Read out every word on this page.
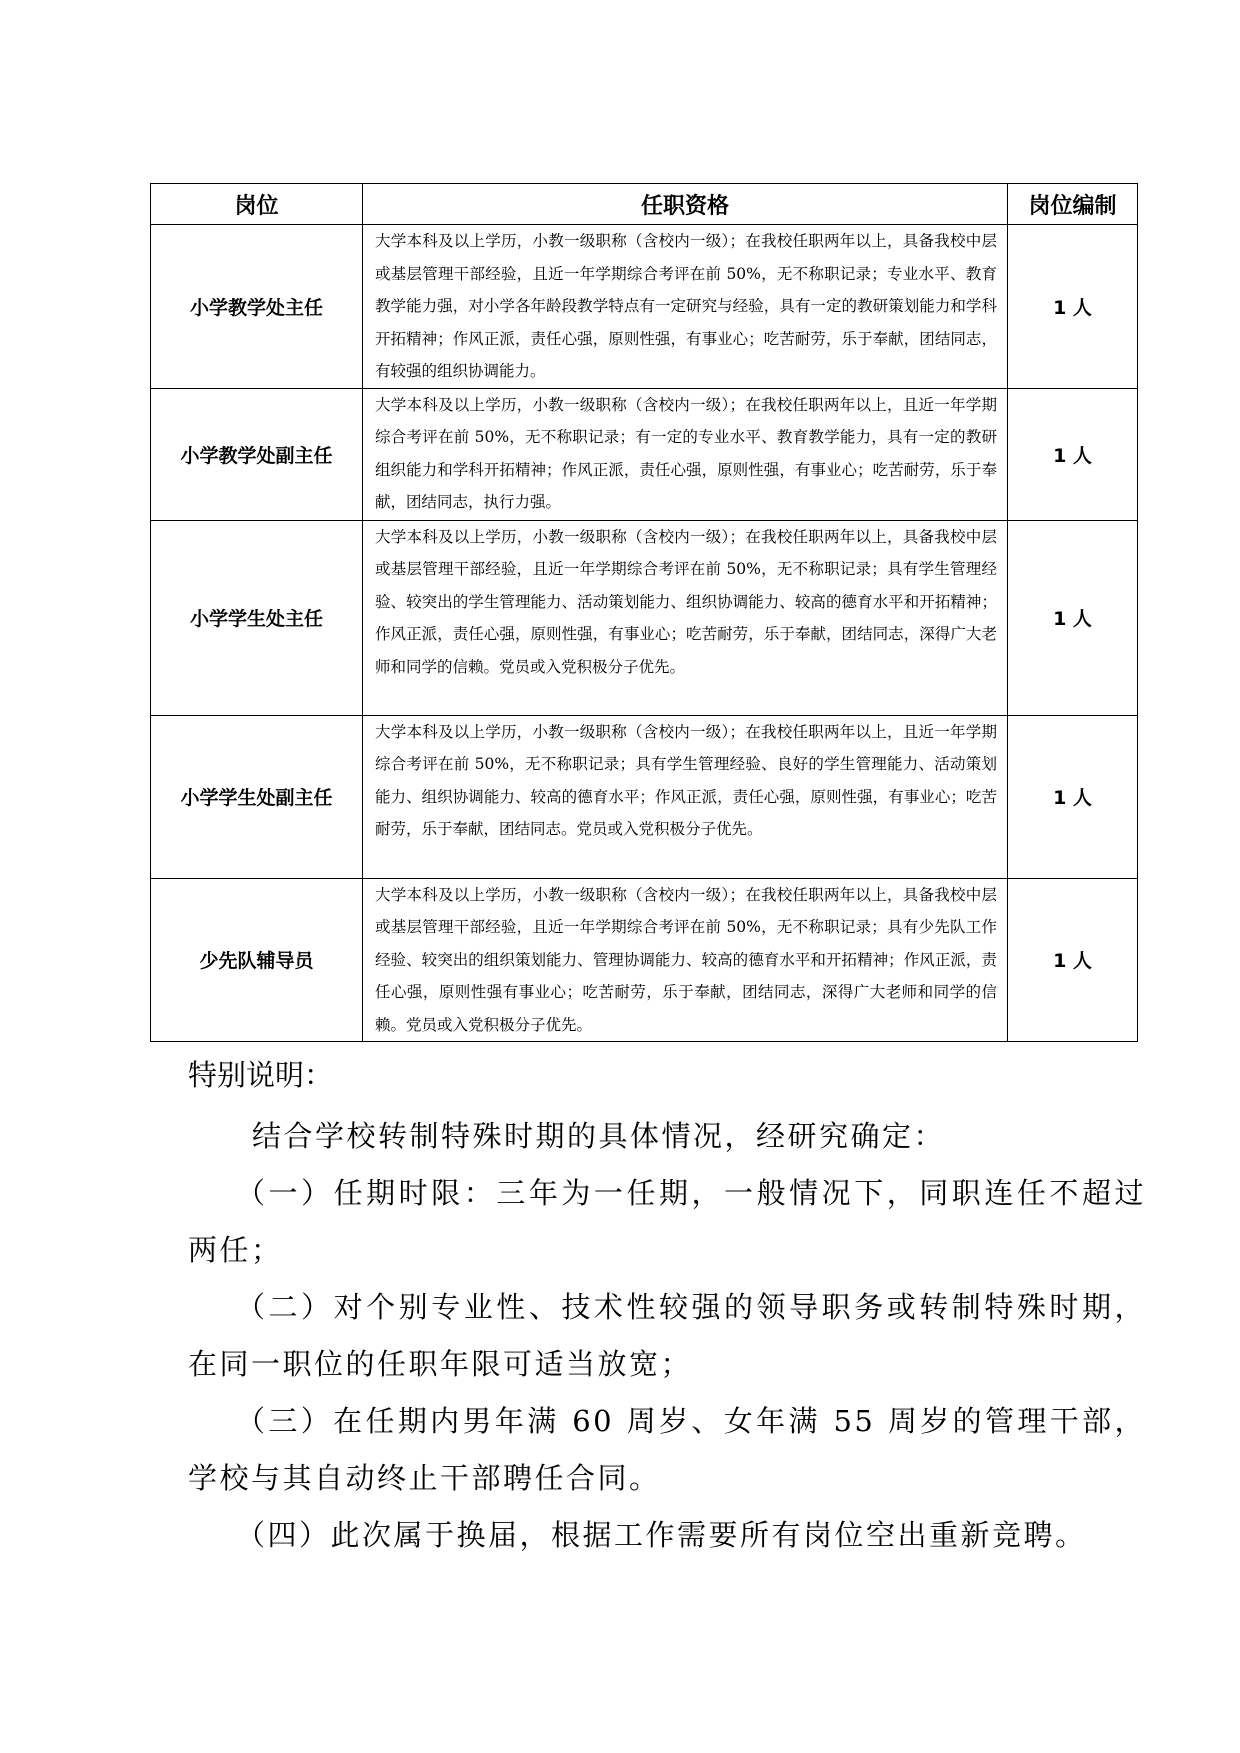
岗位	任职资格	岗位编制
小学教学处主任	大学本科及以上学历，小教一级职称（含校内一级）；在我校任职两年以上，具备我校中层或基层管理干部经验，且近一年学期综合考评在前 50%，无不称职记录；专业水平、教育教学能力强，对小学各年龄段教学特点有一定研究与经验，具有一定的教研策划能力和学科开拓精神；作风正派，责任心强，原则性强，有事业心；吃苦耐劳，乐于奉献，团结同志，有较强的组织协调能力。	1 人
小学教学处副主任	大学本科及以上学历，小教一级职称（含校内一级）；在我校任职两年以上，且近一年学期综合考评在前 50%，无不称职记录；有一定的专业水平、教育教学能力，具有一定的教研组织能力和学科开拓精神；作风正派，责任心强，原则性强，有事业心；吃苦耐劳，乐于奉献，团结同志，执行力强。	1 人
小学学生处主任	大学本科及以上学历，小教一级职称（含校内一级）；在我校任职两年以上，具备我校中层或基层管理干部经验，且近一年学期综合考评在前 50%，无不称职记录；具有学生管理经验、较突出的学生管理能力、活动策划能力、组织协调能力、较高的德育水平和开拓精神；作风正派，责任心强，原则性强，有事业心；吃苦耐劳，乐于奉献，团结同志，深得广大老师和同学的信赖。党员或入党积极分子优先。	1 人
小学学生处副主任	大学本科及以上学历，小教一级职称（含校内一级）；在我校任职两年以上，且近一年学期综合考评在前 50%，无不称职记录；具有学生管理经验、良好的学生管理能力、活动策划能力、组织协调能力、较高的德育水平；作风正派，责任心强，原则性强，有事业心；吃苦耐劳，乐于奉献，团结同志。党员或入党积极分子优先。	1 人
少先队辅导员	大学本科及以上学历，小教一级职称（含校内一级）；在我校任职两年以上，具备我校中层或基层管理干部经验，且近一年学期综合考评在前 50%，无不称职记录；具有少先队工作经验、较突出的组织策划能力、管理协调能力、较高的德育水平和开拓精神；作风正派，责任心强，原则性强有事业心；吃苦耐劳，乐于奉献，团结同志，深得广大老师和同学的信赖。党员或入党积极分子优先。	1 人
特别说明：

结合学校转制特殊时期的具体情况，经研究确定：

（一）任期时限：三年为一任期，一般情况下，同职连任不超过两任；

（二）对个别专业性、技术性较强的领导职务或转制特殊时期，在同一职位的任职年限可适当放宽；

（三）在任期内男年满 60 周岁、女年满 55 周岁的管理干部，学校与其自动终止干部聘任合同。

（四）此次属于换届，根据工作需要所有岗位空出重新竞聘。
